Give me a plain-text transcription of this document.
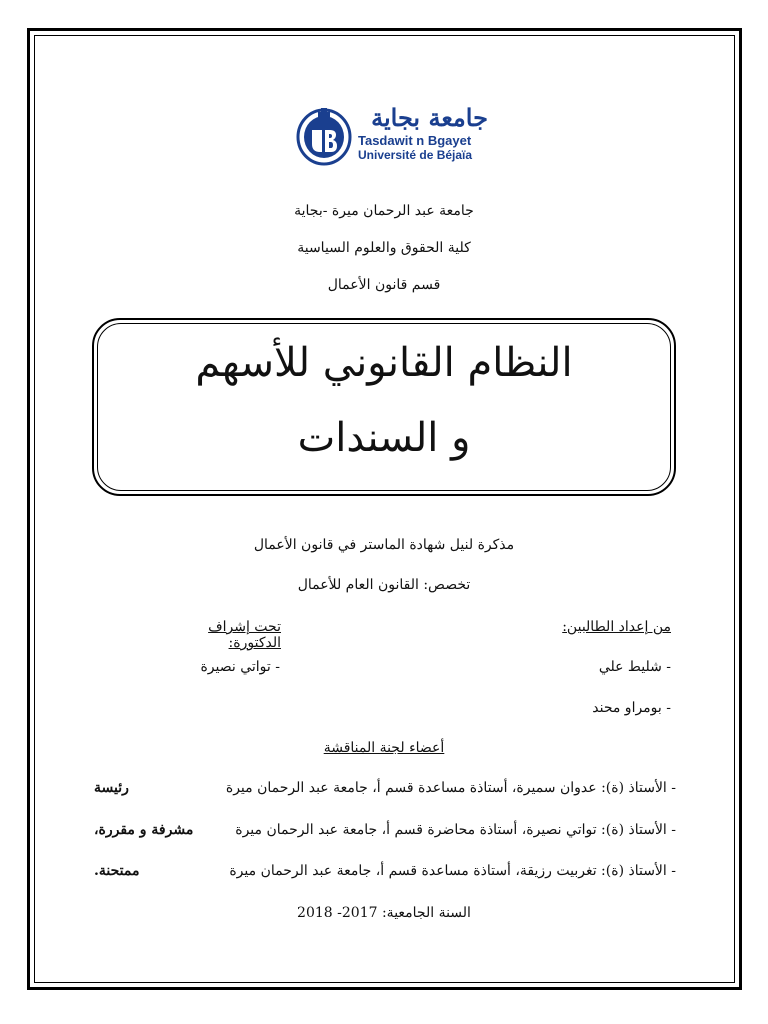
جامعة بجاية
Tasdawit n Bgayet
Université de Béjaïa
جامعة عبد الرحمان ميرة -بجاية
كلية الحقوق والعلوم السياسية
قسم قانون الأعمال
النظام القانوني للأسهم
و السندات
مذكرة لنيل شهادة الماستر في قانون الأعمال
تخصص: القانون العام للأعمال
من إعداد الطالبين:
تحت إشراف الدكتورة:
- شليط علي
- تواتي نصيرة
- بومراو محند
أعضاء لجنة المناقشة
- الأستاذ (ة): عدوان سميرة، أستاذة مساعدة قسم أ، جامعة عبد الرحمان ميرة
رئيسة
- الأستاذ (ة): تواتي نصيرة، أستاذة محاضرة قسم أ، جامعة عبد الرحمان ميرة
مشرفة و مقررة،
- الأستاذ (ة): تغربيت رزيقة، أستاذة مساعدة قسم أ، جامعة عبد الرحمان ميرة
ممتحنة.
السنة الجامعية: 2017- 2018
